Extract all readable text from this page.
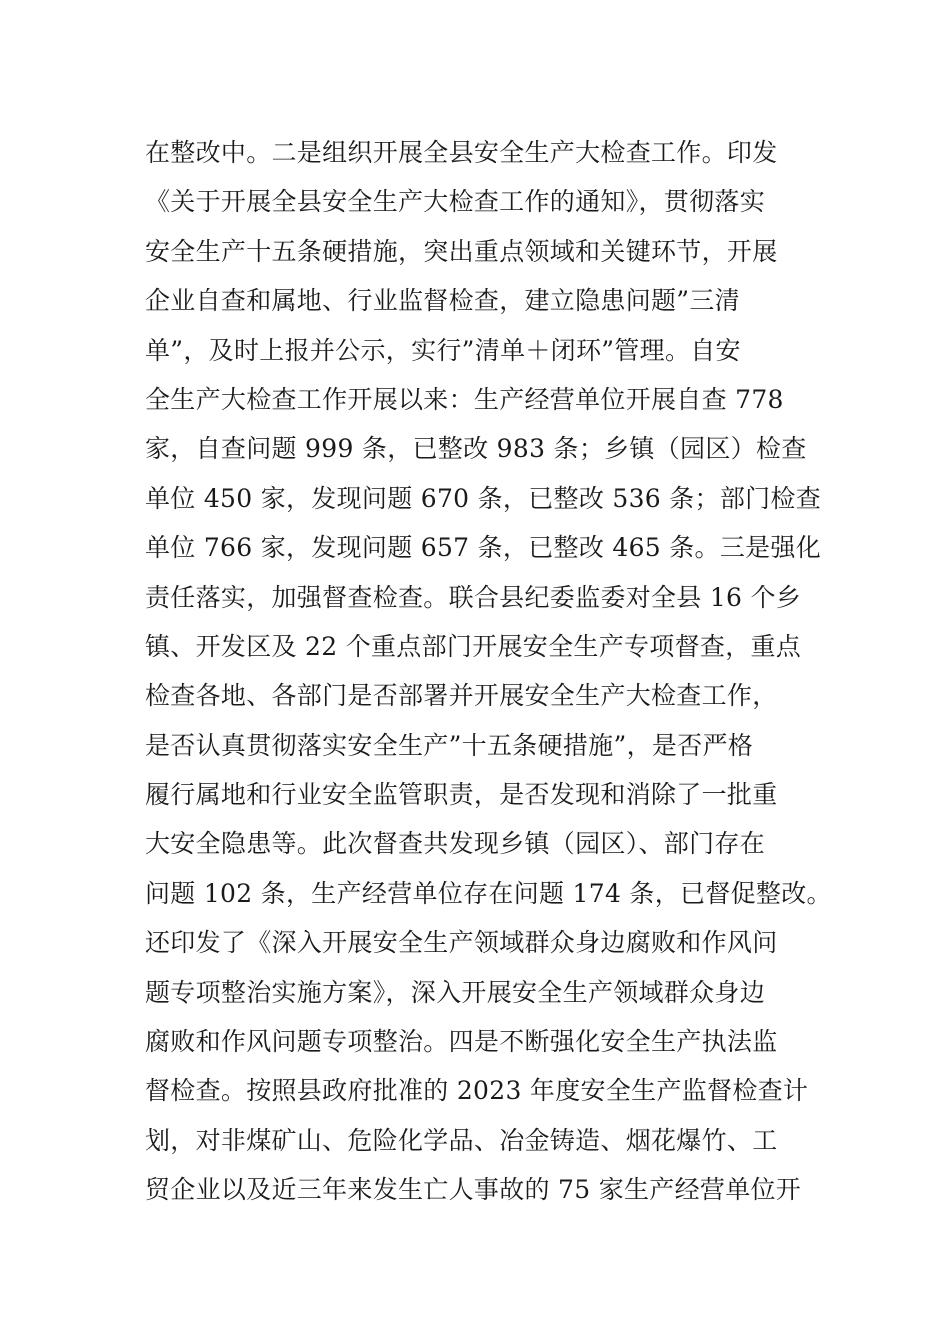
在整改中。二是组织开展全县安全生产大检查工作。印发
《关于开展全县安全生产大检查工作的通知》，贯彻落实
安全生产十五条硬措施，突出重点领域和关键环节，开展
企业自查和属地、行业监督检查，建立隐患问题”三清
单”，及时上报并公示，实行”清单＋闭环”管理。自安
全生产大检查工作开展以来：生产经营单位开展自查 778
家，自查问题 999 条，已整改 983 条；乡镇（园区）检查
单位 450 家，发现问题 670 条，已整改 536 条；部门检查
单位 766 家，发现问题 657 条，已整改 465 条。三是强化
责任落实，加强督查检查。联合县纪委监委对全县 16 个乡
镇、开发区及 22 个重点部门开展安全生产专项督查，重点
检查各地、各部门是否部署并开展安全生产大检查工作，
是否认真贯彻落实安全生产”十五条硬措施”，是否严格
履行属地和行业安全监管职责，是否发现和消除了一批重
大安全隐患等。此次督查共发现乡镇（园区）、部门存在
问题 102 条，生产经营单位存在问题 174 条，已督促整改。
还印发了《深入开展安全生产领域群众身边腐败和作风问
题专项整治实施方案》，深入开展安全生产领域群众身边
腐败和作风问题专项整治。四是不断强化安全生产执法监
督检查。按照县政府批准的 2023 年度安全生产监督检查计
划，对非煤矿山、危险化学品、冶金铸造、烟花爆竹、工
贸企业以及近三年来发生亡人事故的 75 家生产经营单位开
